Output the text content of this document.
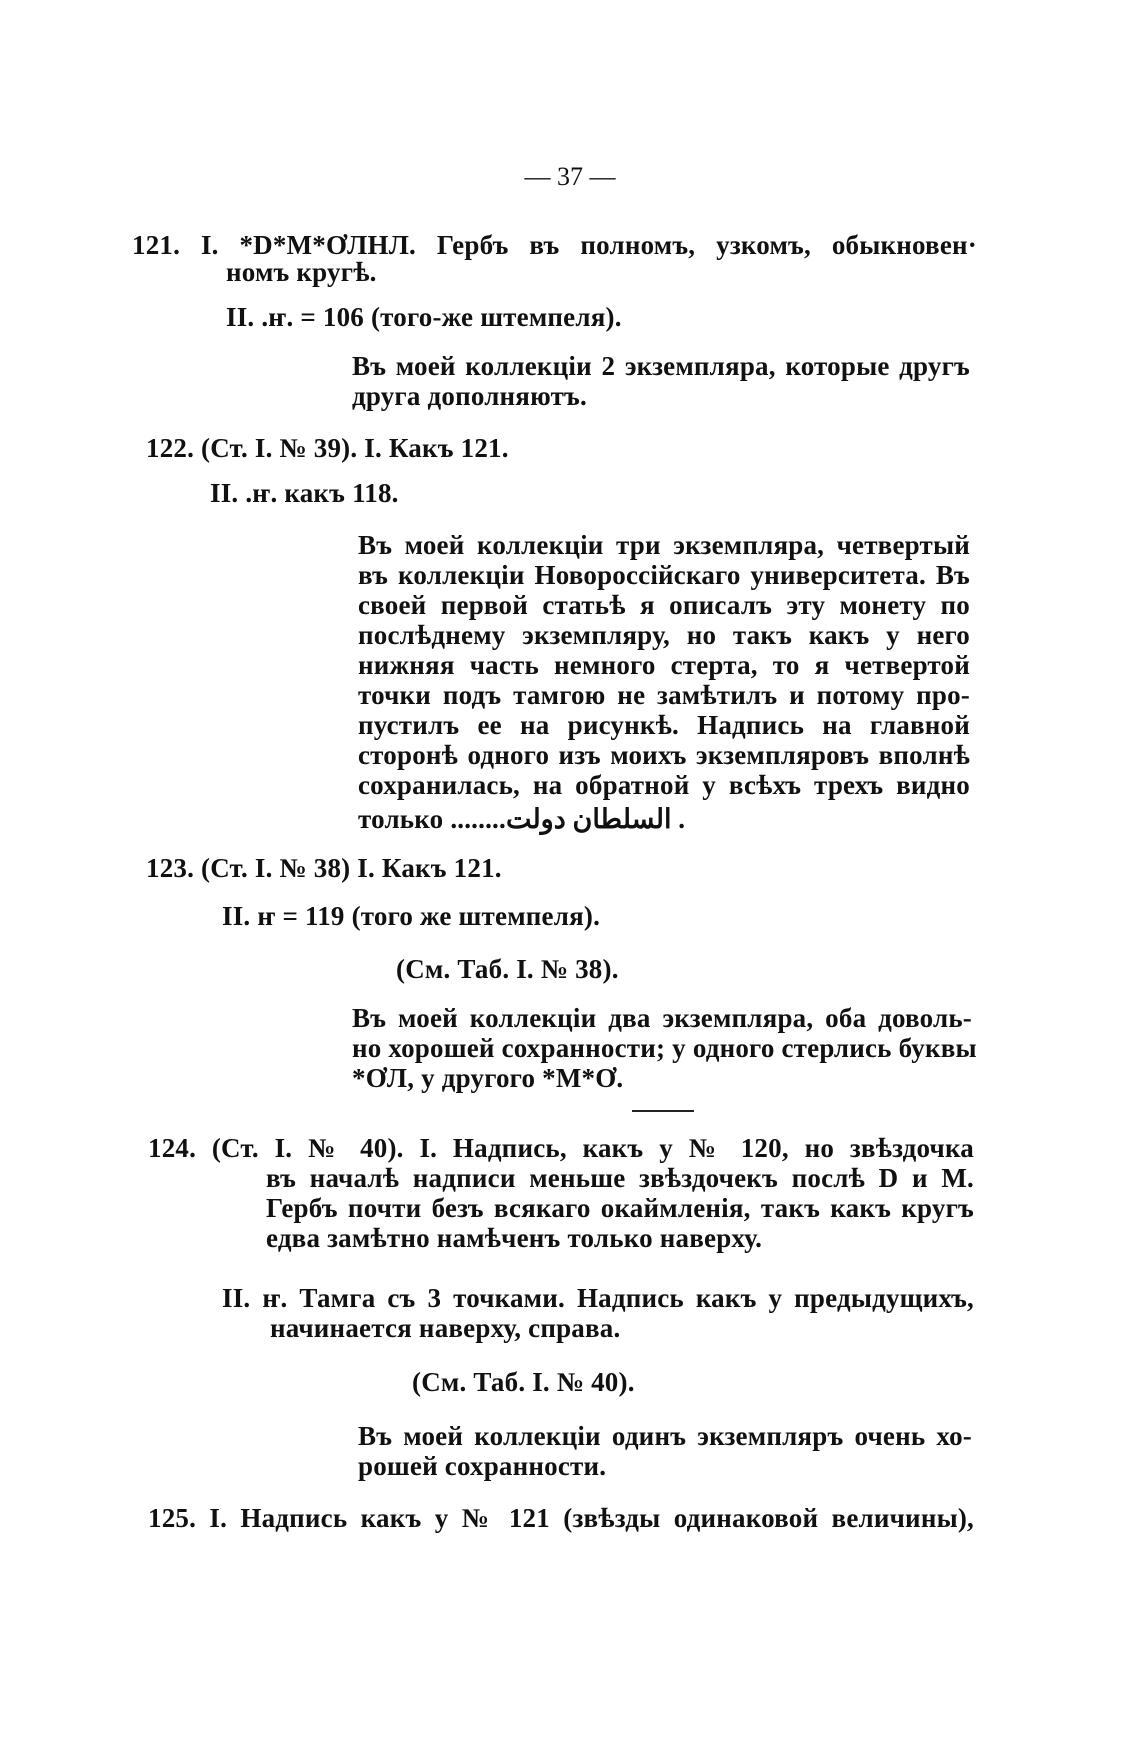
— 37 —
121. I. *D*M*ƠЛΗЛ. Гербъ въ полномъ, узкомъ, обыкновен·
номъ кругѣ.
II. .ҥ. = 106 (того-же штемпеля).
Въ моей коллекціи 2 экземпляра, которые другъ
друга дополняютъ.
122. (Ст. I. № 39). I. Какъ 121.
II. .ҥ. какъ 118.
Въ моей коллекціи три экземпляра, четвертый
въ коллекціи Новороссійскаго университета. Въ
своей первой статьѣ я описалъ эту монету по
послѣднему экземпляру, но такъ какъ у него
нижняя часть немного стерта, то я четвертой
точки подъ тамгою не замѣтилъ и потому про-
пустилъ ее на рисункѣ. Надпись на главной
сторонѣ одного изъ моихъ экземпляровъ вполнѣ
сохранилась, на обратной у всѣхъ трехъ видно
только ........السلطان دولت .
123. (Ст. I. № 38) I. Какъ 121.
II. ҥ = 119 (того же штемпеля).
(См. Таб. I. № 38).
Въ моей коллекціи два экземпляра, оба доволь-
но хорошей сохранности; у одного стерлись буквы
*ƠЛ, у другого *M*Ơ.
124. (Ст. I. № 40). I. Надпись, какъ у № 120, но звѣздочка
въ началѣ надписи меньше звѣздочекъ послѣ D и M.
Гербъ почти безъ всякаго окаймленія, такъ какъ кругъ
едва замѣтно намѣченъ только наверху.
II. ҥ. Тамга съ 3 точками. Надпись какъ у предыдущихъ,
начинается наверху, справа.
(См. Таб. I. № 40).
Въ моей коллекціи одинъ экземпляръ очень хо-
рошей сохранности.
125. I. Надпись какъ у № 121 (звѣзды одинаковой величины),
